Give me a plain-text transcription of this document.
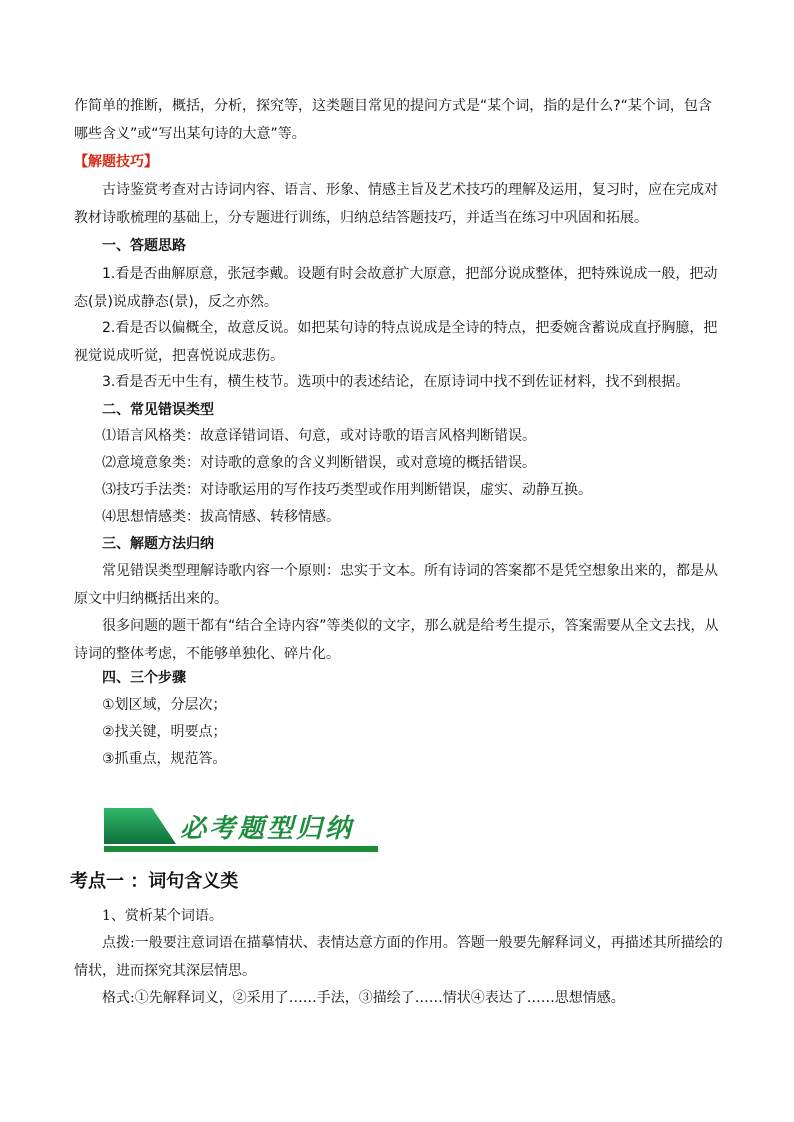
作简单的推断，概括，分析，探究等，这类题目常见的提问方式是“某个词，指的是什么?“某个词，包含

哪些含义”或“写出某句诗的大意”等。

【解题技巧】

古诗鉴赏考查对古诗词内容、语言、形象、情感主旨及艺术技巧的理解及运用，复习时，应在完成对教材诗歌梳理的基础上，分专题进行训练，归纳总结答题技巧，并适当在练习中巩固和拓展。

一、答题思路

1.看是否曲解原意，张冠李戴。设题有时会故意扩大原意，把部分说成整体，把特殊说成一般，把动态(景)说成静态(景)，反之亦然。

2.看是否以偏概全，故意反说。如把某句诗的特点说成是全诗的特点，把委婉含蓄说成直抒胸臆，把视觉说成听觉，把喜悦说成悲伤。

3.看是否无中生有，横生枝节。选项中的表述结论，在原诗词中找不到佐证材料，找不到根据。

二、常见错误类型
⑴语言风格类：故意译错词语、句意，或对诗歌的语言风格判断错误。
⑵意境意象类：对诗歌的意象的含义判断错误，或对意境的概括错误。
⑶技巧手法类：对诗歌运用的写作技巧类型或作用判断错误，虚实、动静互换。
⑷思想情感类：拔高情感、转移情感。
三、解题方法归纳

常见错误类型理解诗歌内容一个原则：忠实于文本。所有诗词的答案都不是凭空想象出来的，都是从原文中归纳概括出来的。

很多问题的题干都有“结合全诗内容”等类似的文字，那么就是给考生提示，答案需要从全文去找，从诗词的整体考虑，不能够单独化、碎片化。

四、三个步骤
①划区域，分层次；
②找关键，明要点；
③抓重点，规范答。
必考题型归纳
考点一 ：词句含义类

1、赏析某个词语。

点拨:一般要注意词语在描摹情状、表情达意方面的作用。答题一般要先解释词义，再描述其所描绘的情状，进而探究其深层情思。

格式:①先解释词义，②采用了……手法，③描绘了……情状④表达了……思想情感。
